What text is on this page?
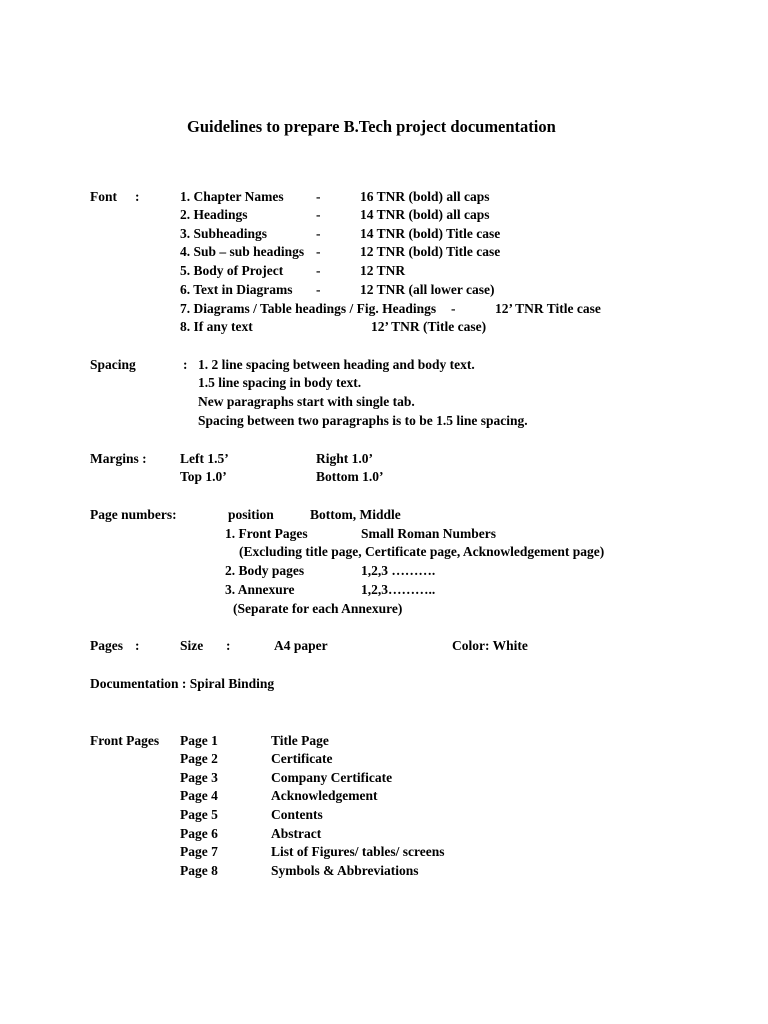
Guidelines to prepare B.Tech project documentation
Font :	1. Chapter Names -	16 TNR (bold) all caps
2. Headings	-	14 TNR (bold) all caps
3. Subheadings	-	14 TNR (bold) Title case
4. Sub – sub headings -	12 TNR (bold) Title case
5. Body of Project -	12 TNR
6. Text in Diagrams -	12 TNR (all lower case)
7. Diagrams / Table headings / Fig. Headings -	12’ TNR Title case
8. If any text	12’ TNR (Title case)
Spacing	: 1. 2 line spacing between heading and body text.
1.5 line spacing in body text.
New paragraphs start with single tab.
Spacing between two paragraphs is to be 1.5 line spacing.
Margins : Left 1.5’	Right 1.0’
Top 1.0’	Bottom 1.0’
Page numbers:	position	Bottom, Middle
1. Front Pages	Small Roman Numbers
(Excluding title page, Certificate page, Acknowledgement page)
2. Body pages	1,2,3 ……….
3. Annexure	1,2,3………..
(Separate for each Annexure)
Pages :	Size :	A4 paper	Color: White
Documentation : Spiral Binding
Front Pages Page 1	Title Page
Page 2	Certificate
Page 3	Company Certificate
Page 4	Acknowledgement
Page 5	Contents
Page 6	Abstract
Page 7	List of Figures/ tables/ screens
Page 8	Symbols & Abbreviations
